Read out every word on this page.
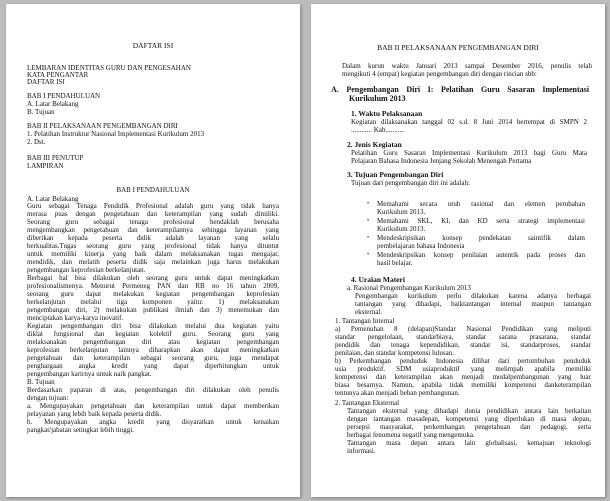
DAFTAR ISI
LEMBARAN IDENTITAS GURU DAN PENGESAHAN
KATA PENGANTAR
DAFTAR ISI
BAB I PENDAHULUAN
A. Latar Belakang
B. Tujuan
BAB II PELAKSANAAN PENGEMBANGAN DIRI
1. Pelatihan Instruktur Nasional Implementasi Kurikulum 2013
2. Dst.
BAB III PENUTUP
LAMPIRAN
BAB I PENDAHULUAN
A. Latar Belakang
Guru sebagai Tenaga Pendidik Profesional adalah guru yang tidak hanya
merasa puas dengan pengetahuan dan keterampilan yang sudah dimiliki.
Seorang guru sebagai tenaga profesional hendaklah berusaha
mengembangkan pengetahuan dan keterampilannya sehingga layanan yang
diberikan kepada peserta didik adalah layanan yang selalu
berkualitas.Tugas seorang guru yang profesional tidak hanya dituntut
untuk memiliki kinerja yang baik dalam melaksanakan tugas mengajar,
mendidik, dan melatih peserta didik saja melainkan juga harus melakukan
pengembangan keprofesian berkelanjutan.
Berbagai hal bisa dilakukan oleh seorang guru untuk dapat meningkatkan
profesionalismenya. Menurut Permeneg PAN dan RB no 16 tahun 2009,
seorang guru dapat melakukan kegiatan pengembangan keprofesian
berkelanjutan melalui tiga komponen yaitu: 1) melaksanakan
pengembangan diri, 2) melakukan publikasi ilmiah dan 3) menemukan dan
menciptakan karya-karya inovatif.
Kegiatan pengembangan diri bisa dilakukan melalui dua kegiatan yaitu
diklat fungsional dan kegiatan kolektif guru. Seorang guru yang
melaksanakan pengembangan diri atau kegiatan pengembangan
keprofesian berkelanjutan lainnya diharapkan akan dapat meningkatkan
pengetahuan dan keterampilan sebagai seorang guru, juga mendapat
penghargaan angka kredit yang dapat diperhitungkan untuk
pengembangan karirnya untuk naik pangkat.
B. Tujuan
Berdasarkan paparan di atas, pengembangan diri dilakukan oleh penulis
dengan tujuan:
a. Mengupayakan pengetahuan dan keterampilan untuk dapat memberikan
pelayanan yang lebih baik kepada peserta didik.
b. Mengupayakan angka kredit yang disyaratkan untuk kenaikan
pangkat/jabatan setingkat lebih tinggi.
BAB II PELAKSANAAN PENGEMBANGAN DIRI
Dalam kurun waktu Januari 2013 sampai Desember 2016, penulis telah
mengikuti 4 (empat) kegiatan pengembangan diri dengan rincian sbb:
A. Pengembangan Diri I: Pelatihan Guru Sasaran Implementasi
Kurikulum 2013
1. Waktu Pelaksanaan
Kegiatan dilaksanakan tanggal 02 s.d. 8 Juni 2014 bertempat di SMPN 2
............ Kab...........
2. Jenis Kegiatan
Pelatihan Guru Sasaran Implementasi Kurikulum 2013 bagi Guru Mata
Pelajaran Bahasa Indonesia Jenjang Sekolah Menengah Pertama
3. Tujuan Pengembangan Diri
Tujuan dari pengembangan diri ini adalah:
• Memahami secara utuh rasional dan elemen perubahan
Kurikulum 2013.
• Memahami SKL, KI, dan KD serta strategi implementasi
Kurikulum 2013.
• Mendeskripsikan konsep pendekatan saintifik dalam
pembelajaran bahasa Indonesia
• Mendeskripsikan konsep penilaian autentik pada proses dan
hasil belajar.
4. Uraian Materi
a. Rasional Pengembangan Kurikulum 2013
Pengembangan kurikulum perlu dilakukan karena adanya berbagai
tantangan yang dihadapi, baiktantangan internal maupun tantangan
eksternal.
1. Tantangan Internal
a) Pemenuhan 8 (delapan)Standar Nasional Pendidikan yang meliputi
standar pengelolaan, standarbiaya, standar sarana prasarana, standar
pendidik dan tenaga kependidikan, standar isi, standarproses, standar
penilaian, dan standar kompetensi lulusan.
b) Perkembangan penduduk Indonesia dilihat dari pertumbuhan penduduk
usia produktif. SDM usiaproduktif yang melimpah apabila memiliki
kompetensi dan keterampilan akan menjadi modalpembangunan yang luar
biasa besarnya. Namun, apabila tidak memiliki kompetensi danketerampilan
tentunya akan menjadi beban pembangunan.
2. Tantangan Eksternal
Tantangan eksternal yang dihadapi dunia pendidikan antara lain berkaitan
dengan tantangan masadepan, kompetensi yang diperlukan di masa depan,
persepsi masyarakat, perkembangan pengetahuan dan pedagogi, serta
berbagai fenomena negatif yang mengemuka.
Tantangan masa depan antara lain globalisasi, kemajuan teknologi
informasi.
